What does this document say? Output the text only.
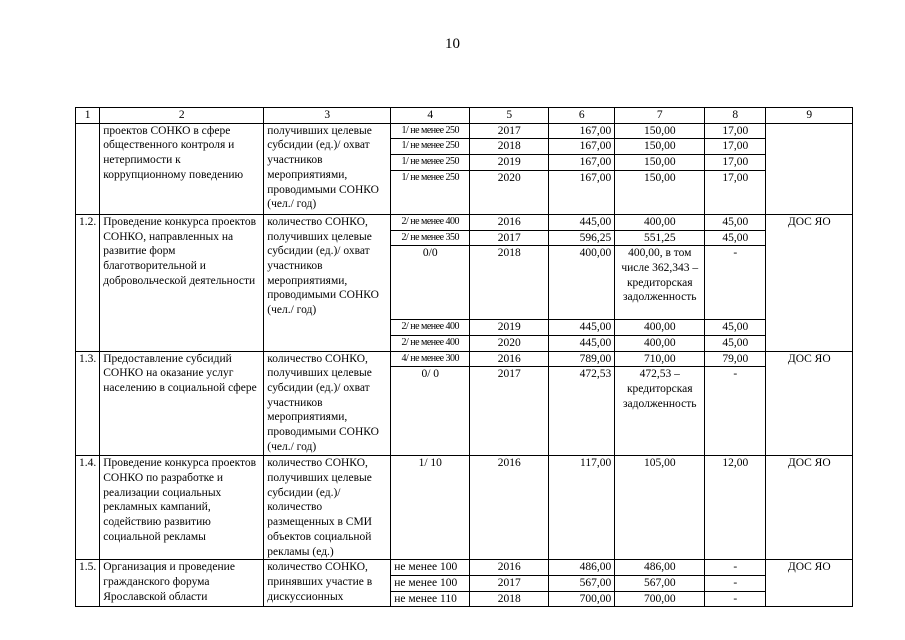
10
1	2	3	4	5	6	7	8	9
	проектов СОНКО в сфере общественного контроля и нетерпимости к коррупционному поведению	получивших целевые субсидии (ед.)/ охват участников мероприятиями, проводимыми СОНКО (чел./ год)	1/ не менее 250	2017	167,00	150,00	17,00	
			1/ не менее 250	2018	167,00	150,00	17,00	
			1/ не менее 250	2019	167,00	150,00	17,00	
			1/ не менее 250	2020	167,00	150,00	17,00	
1.2.	Проведение конкурса проектов СОНКО, направленных на развитие форм благотворительной и добровольческой деятельности	количество СОНКО, получивших целевые субсидии (ед.)/ охват участников мероприятиями, проводимыми СОНКО (чел./ год)	2/ не менее 400	2016	445,00	400,00	45,00	ДОС ЯО
			2/ не менее 350	2017	596,25	551,25	45,00	
			0/0	2018	400,00	400,00, в том числе 362,343 – кредиторская задолженность	-	
			2/ не менее 400	2019	445,00	400,00	45,00	
			2/ не менее 400	2020	445,00	400,00	45,00	
1.3.	Предоставление субсидий СОНКО на оказание услуг населению в социальной сфере	количество СОНКО, получивших целевые субсидии (ед.)/ охват участников мероприятиями, проводимыми СОНКО (чел./ год)	4/ не менее 300	2016	789,00	710,00	79,00	ДОС ЯО
			0/ 0	2017	472,53	472,53 – кредиторская задолженность	-	
1.4.	Проведение конкурса проектов СОНКО по разработке и реализации социальных рекламных кампаний, содействию развитию социальной рекламы	количество СОНКО, получивших целевые субсидии (ед.)/ количество размещенных в СМИ объектов социальной рекламы (ед.)	1/ 10	2016	117,00	105,00	12,00	ДОС ЯО
1.5.	Организация и проведение гражданского форума Ярославской области	количество СОНКО, принявших участие в дискуссионных	не менее 100	2016	486,00	486,00	-	ДОС ЯО
			не менее 100	2017	567,00	567,00	-	
			не менее 110	2018	700,00	700,00	-	
